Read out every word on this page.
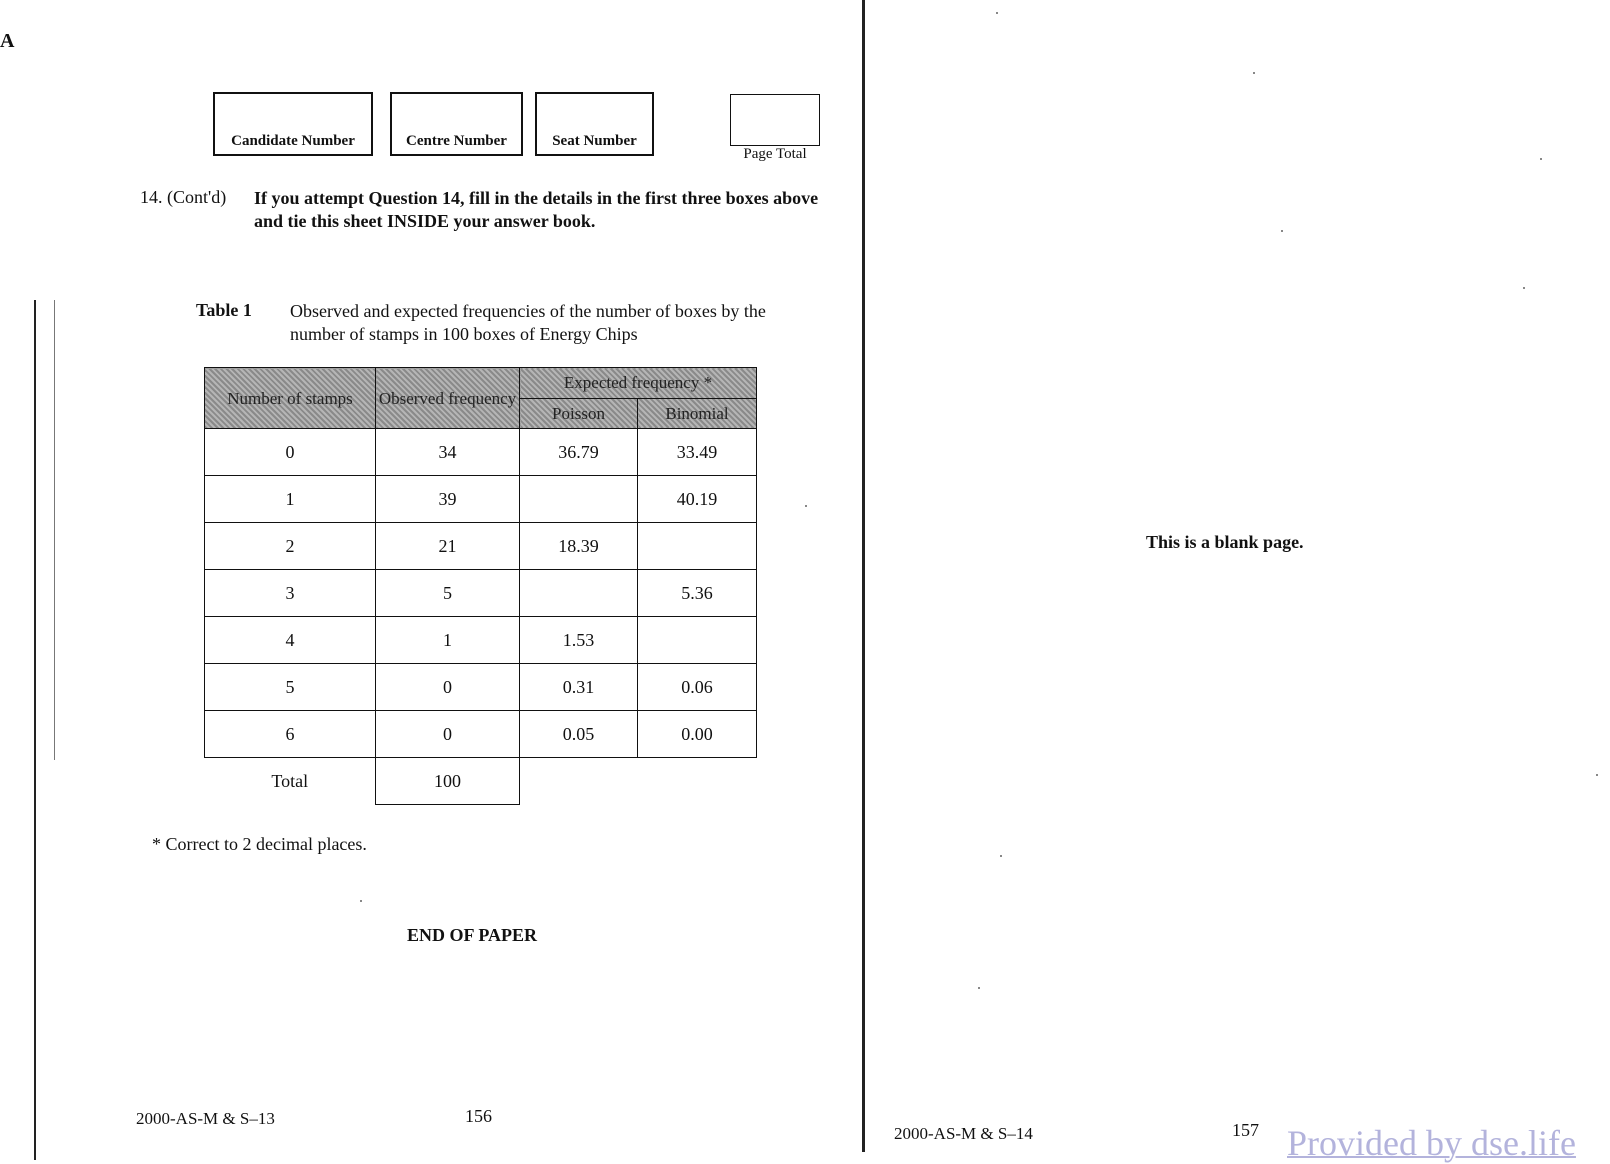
A
Candidate Number	Centre Number	Seat Number
Page Total
14. (Cont'd) If you attempt Question 14, fill in the details in the first three boxes above and tie this sheet INSIDE your answer book.
Table 1 Observed and expected frequencies of the number of boxes by the number of stamps in 100 boxes of Energy Chips
Number of stamps	Observed frequency	Expected frequency *	
		Poisson	Binomial
0	34	36.79	33.49
1	39		40.19
2	21	18.39	
3	5		5.36
4	1	1.53	
5	0	0.31	0.06
6	0	0.05	0.00
Total	100		
* Correct to 2 decimal places.
END OF PAPER
2000-AS-M & S–13	156
This is a blank page.
2000-AS-M & S–14	157 Provided by dse.life
